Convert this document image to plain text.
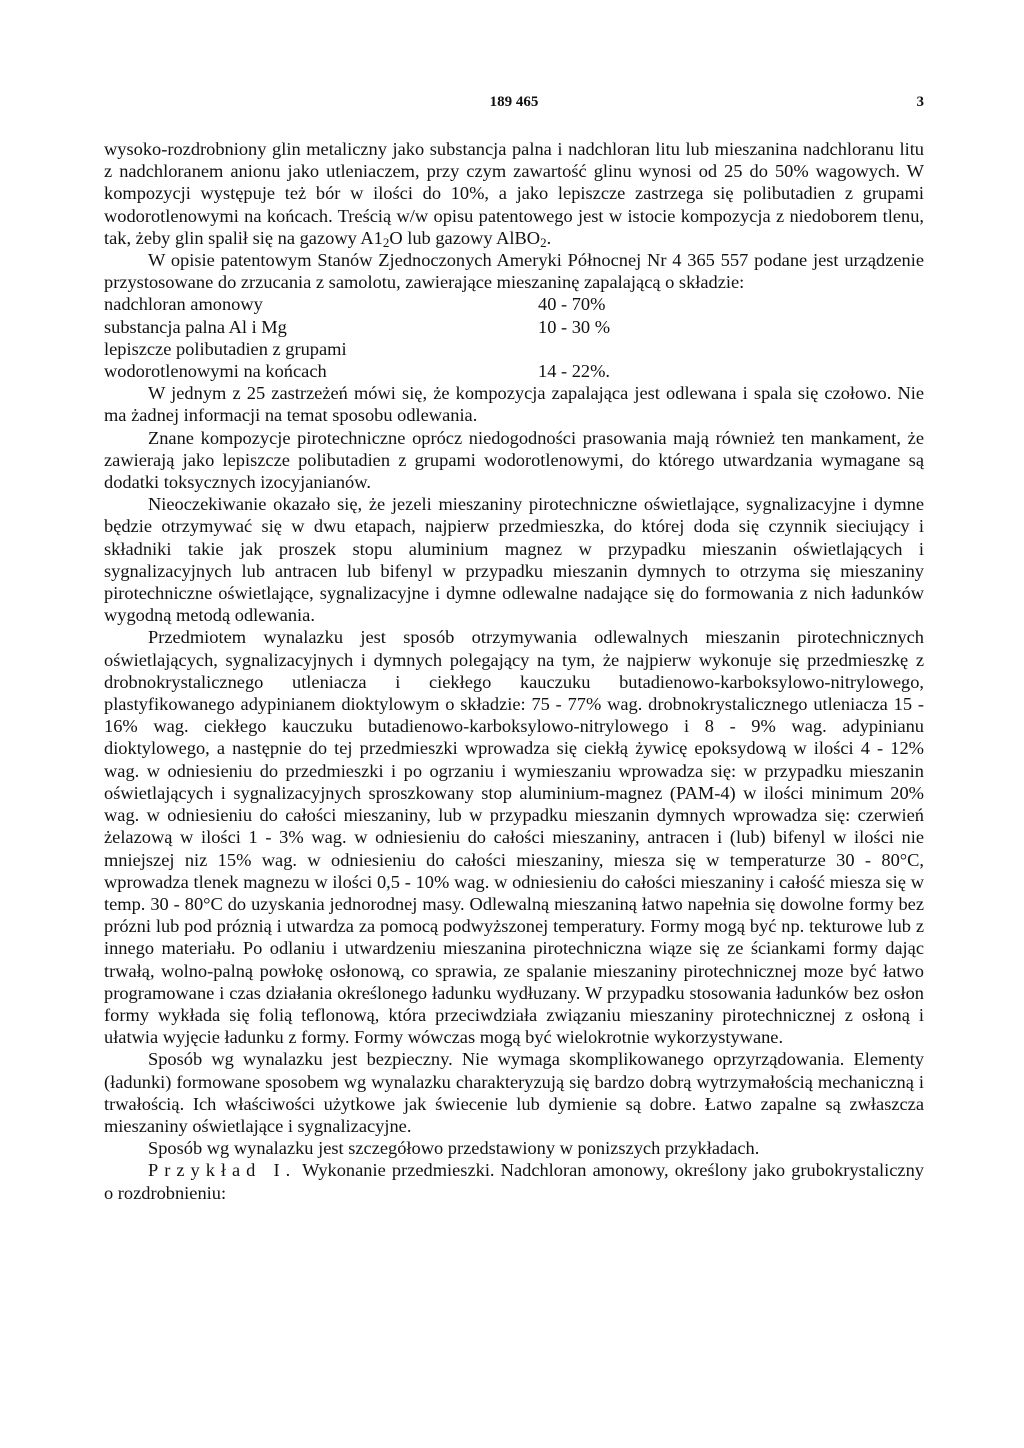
189 465	3

wysoko-rozdrobniony glin metaliczny jako substancja palna i nadchloran litu lub mieszanina nadchloranu litu z nadchloranem anionu jako utleniaczem, przy czym zawartość glinu wynosi od 25 do 50% wagowych. W kompozycji występuje też bór w ilości do 10%, a jako lepiszcze zastrzega się polibutadien z grupami wodorotlenowymi na końcach. Treścią w/w opisu patentowego jest w istocie kompozycja z niedoborem tlenu, tak, żeby glin spalił się na gazowy $A1_2O$ lub gazowy AlBO$_2$.

W opisie patentowym Stanów Zjednoczonych Ameryki Północnej Nr 4 365 557 podane jest urządzenie przystosowane do zrzucania z samolotu, zawierające mieszaninę zapalającą o składzie:

nadchloran amonowy	40 - 70%
substancja palna Al i Mg	10 - 30 %
lepiszcze polibutadien z grupami
wodorotlenowymi na końcach	14 - 22%.

W jednym z 25 zastrzeżeń mówi się, że kompozycja zapalająca jest odlewana i spala się czołowo. Nie ma żadnej informacji na temat sposobu odlewania.

Znane kompozycje pirotechniczne oprócz niedogodności prasowania mają również ten mankament, że zawierają jako lepiszcze polibutadien z grupami wodorotlenowymi, do którego utwardzania wymagane są dodatki toksycznych izocyjanianów.

Nieoczekiwanie okazało się, że jezeli mieszaniny pirotechniczne oświetlające, sygnalizacyjne i dymne będzie otrzymywać się w dwu etapach, najpierw przedmieszka, do której doda się czynnik sieciujący i składniki takie jak proszek stopu aluminium magnez w przypadku mieszanin oświetlających i sygnalizacyjnych lub antracen lub bifenyl w przypadku mieszanin dymnych to otrzyma się mieszaniny pirotechniczne oświetlające, sygnalizacyjne i dymne odlewalne nadające się do formowania z nich ładunków wygodną metodą odlewania.

Przedmiotem wynalazku jest sposób otrzymywania odlewalnych mieszanin pirotechnicznych oświetlających, sygnalizacyjnych i dymnych polegający na tym, że najpierw wykonuje się przedmieszkę z drobnokrystalicznego utleniacza i ciekłego kauczuku butadienowo-karboksylowo-nitrylowego, plastyfikowanego adypinianem dioktylowym o składzie: 75 - 77% wag. drobnokrystalicznego utleniacza 15 - 16% wag. ciekłego kauczuku butadienowo-karboksylowo-nitrylowego i 8 - 9% wag. adypinianu dioktylowego, a następnie do tej przedmieszki wprowadza się ciekłą żywicę epoksydową w ilości 4 - 12% wag. w odniesieniu do przedmieszki i po ogrzaniu i wymieszaniu wprowadza się: w przypadku mieszanin oświetlających i sygnalizacyjnych sproszkowany stop aluminium-magnez (PAM-4) w ilości minimum 20% wag. w odniesieniu do całości mieszaniny, lub w przypadku mieszanin dymnych wprowadza się: czerwień żelazową w ilości 1 - 3% wag. w odniesieniu do całości mieszaniny, antracen i (lub) bifenyl w ilości nie mniejszej niz 15% wag. w odniesieniu do całości mieszaniny, miesza się w temperaturze 30 - 80°C, wprowadza tlenek magnezu w ilości 0,5 - 10% wag. w odniesieniu do całości mieszaniny i całość miesza się w temp. 30 - 80°C do uzyskania jednorodnej masy. Odlewalną mieszaniną łatwo napełnia się dowolne formy bez prózni lub pod próznią i utwardza za pomocą podwyższonej temperatury. Formy mogą być np. tekturowe lub z innego materiału. Po odlaniu i utwardzeniu mieszanina pirotechniczna wiąze się ze ściankami formy dając trwałą, wolno-palną powłokę osłonową, co sprawia, ze spalanie mieszaniny pirotechnicznej moze być łatwo programowane i czas działania określonego ładunku wydłuzany. W przypadku stosowania ładunków bez osłon formy wykłada się folią teflonową, która przeciwdziała związaniu mieszaniny pirotechnicznej z osłoną i ułatwia wyjęcie ładunku z formy. Formy wówczas mogą być wielokrotnie wykorzystywane.

Sposób wg wynalazku jest bezpieczny. Nie wymaga skomplikowanego oprzyrządowania. Elementy (ładunki) formowane sposobem wg wynalazku charakteryzują się bardzo dobrą wytrzymałością mechaniczną i trwałością. Ich właściwości użytkowe jak świecenie lub dymienie są dobre. Łatwo zapalne są zwłaszcza mieszaniny oświetlające i sygnalizacyjne.

Sposób wg wynalazku jest szczegółowo przedstawiony w ponizszych przykładach.

Przykład I. Wykonanie przedmieszki. Nadchloran amonowy, określony jako grubokrystaliczny o rozdrobnieniu:
